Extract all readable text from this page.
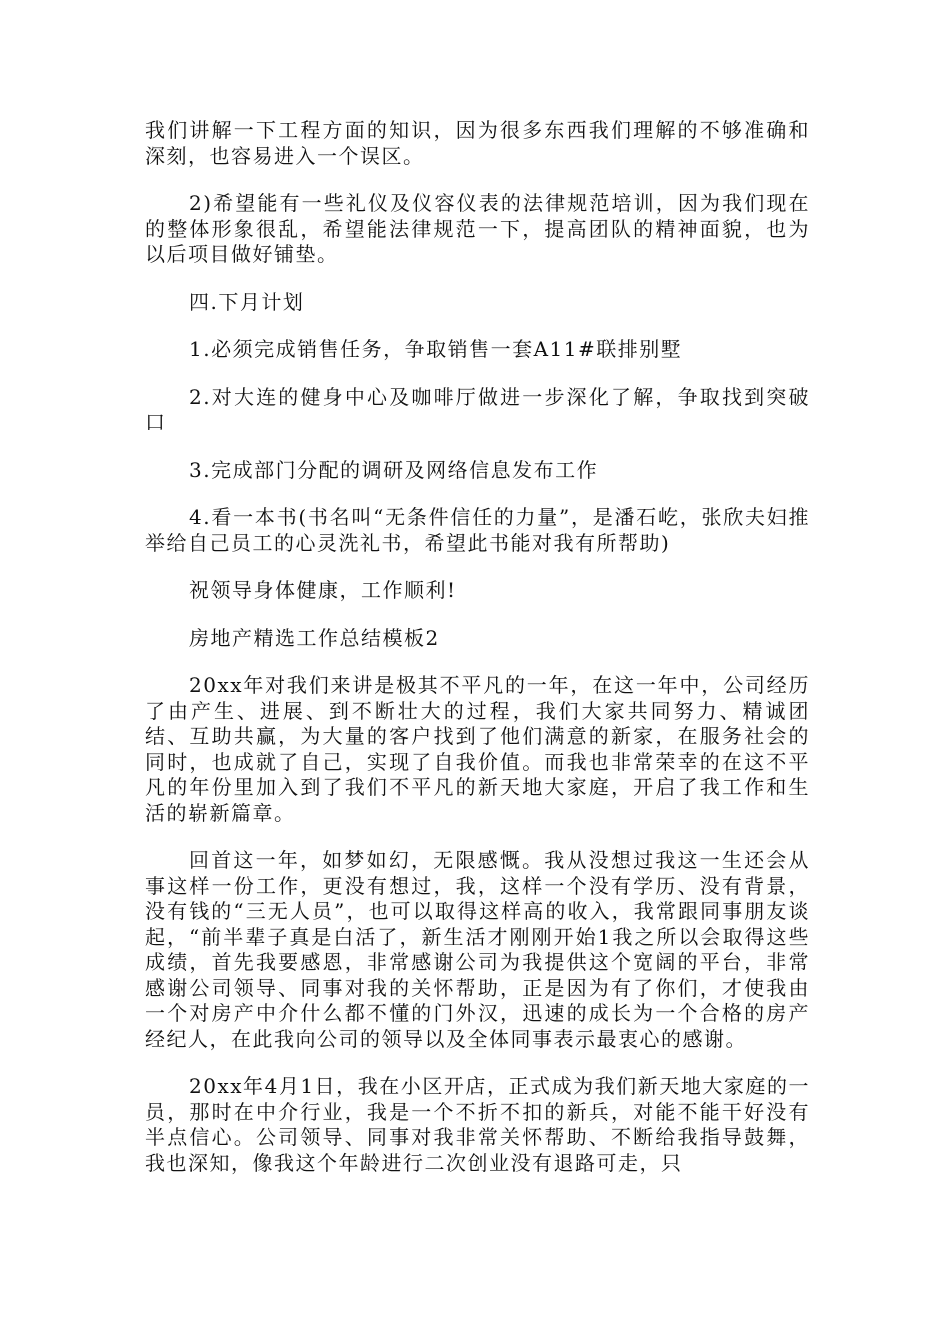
我们讲解一下工程方面的知识，因为很多东西我们理解的不够准确和深刻，也容易进入一个误区。

2)希望能有一些礼仪及仪容仪表的法律规范培训，因为我们现在的整体形象很乱，希望能法律规范一下，提高团队的精神面貌，也为以后项目做好铺垫。

四.下月计划

1.必须完成销售任务，争取销售一套A11#联排别墅

2.对大连的健身中心及咖啡厅做进一步深化了解，争取找到突破口

3.完成部门分配的调研及网络信息发布工作

4.看一本书(书名叫“无条件信任的力量”，是潘石屹，张欣夫妇推举给自己员工的心灵洗礼书，希望此书能对我有所帮助)

祝领导身体健康，工作顺利!

房地产精选工作总结模板2

20xx年对我们来讲是极其不平凡的一年，在这一年中，公司经历了由产生、进展、到不断壮大的过程，我们大家共同努力、精诚团结、互助共赢，为大量的客户找到了他们满意的新家，在服务社会的同时，也成就了自己，实现了自我价值。而我也非常荣幸的在这不平凡的年份里加入到了我们不平凡的新天地大家庭，开启了我工作和生活的崭新篇章。

回首这一年，如梦如幻，无限感慨。我从没想过我这一生还会从事这样一份工作，更没有想过，我，这样一个没有学历、没有背景，没有钱的“三无人员”，也可以取得这样高的收入，我常跟同事朋友谈起，“前半辈子真是白活了，新生活才刚刚开始1我之所以会取得这些成绩，首先我要感恩，非常感谢公司为我提供这个宽阔的平台，非常感谢公司领导、同事对我的关怀帮助，正是因为有了你们，才使我由一个对房产中介什么都不懂的门外汉，迅速的成长为一个合格的房产经纪人，在此我向公司的领导以及全体同事表示最衷心的感谢。

20xx年4月1日，我在小区开店，正式成为我们新天地大家庭的一员，那时在中介行业，我是一个不折不扣的新兵，对能不能干好没有半点信心。公司领导、同事对我非常关怀帮助、不断给我指导鼓舞，我也深知，像我这个年龄进行二次创业没有退路可走，只
